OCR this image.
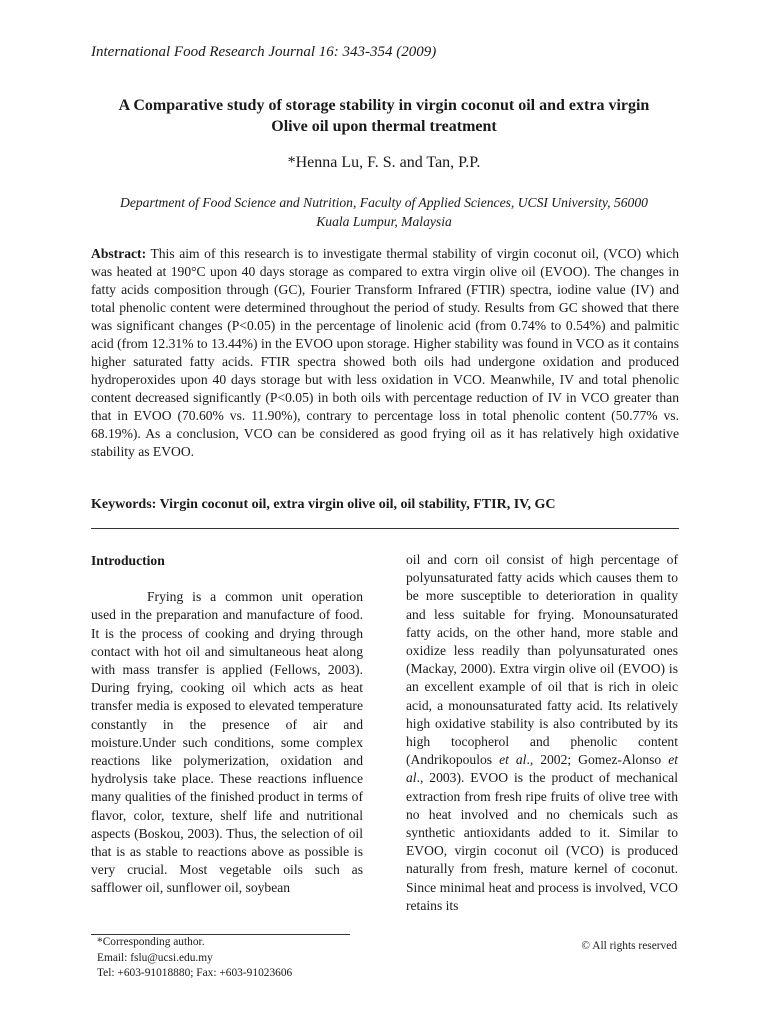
International Food Research Journal 16: 343-354 (2009)
A Comparative study of storage stability in virgin coconut oil and extra virgin
Olive oil upon thermal treatment
*Henna Lu, F. S. and Tan, P.P.
Department of Food Science and Nutrition, Faculty of Applied Sciences, UCSI University, 56000
Kuala Lumpur, Malaysia
Abstract: This aim of this research is to investigate thermal stability of virgin coconut oil, (VCO) which was heated at 190°C upon 40 days storage as compared to extra virgin olive oil (EVOO). The changes in fatty acids composition through (GC), Fourier Transform Infrared (FTIR) spectra, iodine value (IV) and total phenolic content were determined throughout the period of study. Results from GC showed that there was significant changes (P<0.05) in the percentage of linolenic acid (from 0.74% to 0.54%) and palmitic acid (from 12.31% to 13.44%) in the EVOO upon storage. Higher stability was found in VCO as it contains higher saturated fatty acids. FTIR spectra showed both oils had undergone oxidation and produced hydroperoxides upon 40 days storage but with less oxidation in VCO. Meanwhile, IV and total phenolic content decreased significantly (P<0.05) in both oils with percentage reduction of IV in VCO greater than that in EVOO (70.60% vs. 11.90%), contrary to percentage loss in total phenolic content (50.77% vs. 68.19%). As a conclusion, VCO can be considered as good frying oil as it has relatively high oxidative stability as EVOO.
Keywords: Virgin coconut oil, extra virgin olive oil, oil stability, FTIR, IV, GC

Introduction

Frying is a common unit operation used in the preparation and manufacture of food. It is the process of cooking and drying through contact with hot oil and simultaneous heat along with mass transfer is applied (Fellows, 2003). During frying, cooking oil which acts as heat transfer media is exposed to elevated temperature constantly in the presence of air and moisture.Under such conditions, some complex reactions like polymerization, oxidation and hydrolysis take place. These reactions influence many qualities of the finished product in terms of flavor, color, texture, shelf life and nutritional aspects (Boskou, 2003). Thus, the selection of oil that is as stable to reactions above as possible is very crucial. Most vegetable oils such as safflower oil, sunflower oil, soybean

oil and corn oil consist of high percentage of polyunsaturated fatty acids which causes them to be more susceptible to deterioration in quality and less suitable for frying. Monounsaturated fatty acids, on the other hand, more stable and oxidize less readily than polyunsaturated ones (Mackay, 2000). Extra virgin olive oil (EVOO) is an excellent example of oil that is rich in oleic acid, a monounsaturated fatty acid. Its relatively high oxidative stability is also contributed by its high tocopherol and phenolic content (Andrikopoulos et al., 2002; Gomez-Alonso et al., 2003). EVOO is the product of mechanical extraction from fresh ripe fruits of olive tree with no heat involved and no chemicals such as synthetic antioxidants added to it. Similar to EVOO, virgin coconut oil (VCO) is produced naturally from fresh, mature kernel of coconut. Since minimal heat and process is involved, VCO retains its

*Corresponding author.
Email: fslu@ucsi.edu.my
Tel: +603-91018880; Fax: +603-91023606
© All rights reserved
